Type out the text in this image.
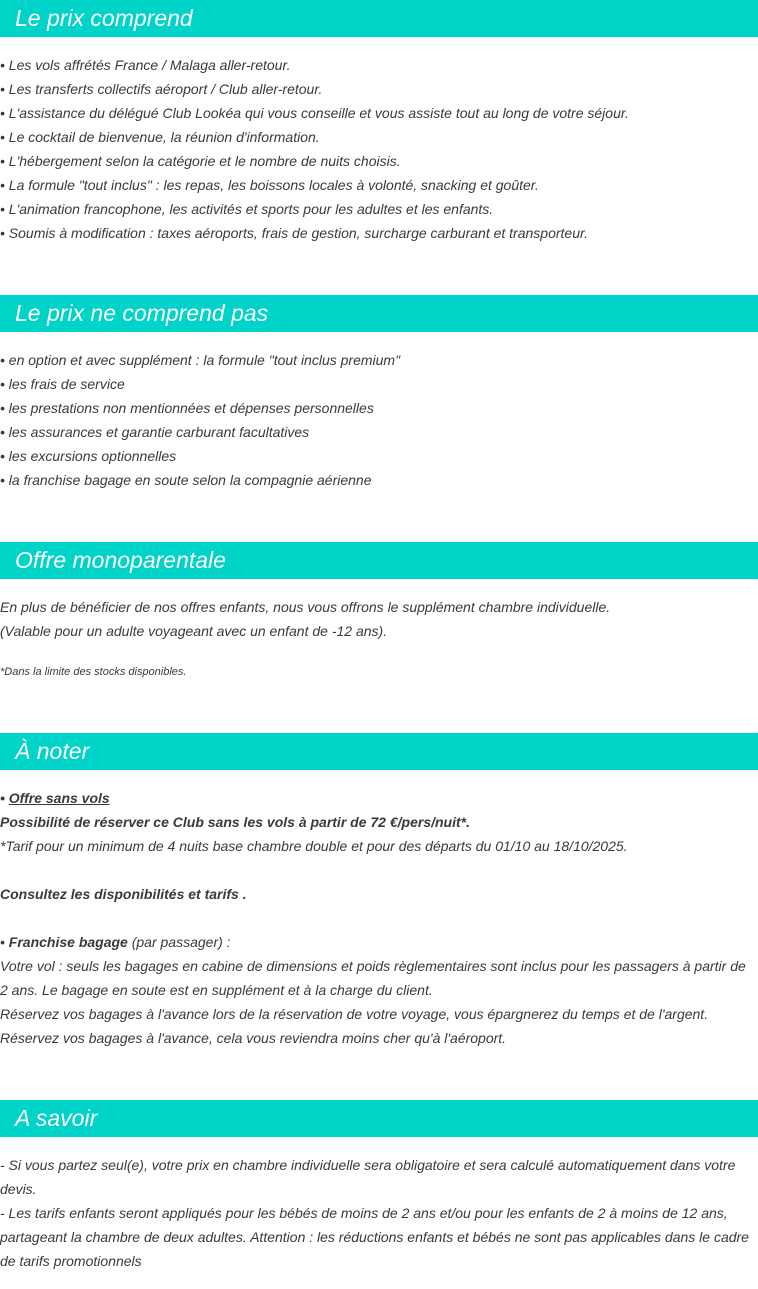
Le prix comprend

• Les vols affrétés France / Malaga aller-retour.

• Les transferts collectifs aéroport / Club aller-retour.

• L'assistance du délégué Club Lookéa qui vous conseille et vous assiste tout au long de votre séjour.

• Le cocktail de bienvenue, la réunion d'information.

• L'hébergement selon la catégorie et le nombre de nuits choisis.

• La formule "tout inclus" : les repas, les boissons locales à volonté, snacking et goûter.

• L'animation francophone, les activités et sports pour les adultes et les enfants.

• Soumis à modification : taxes aéroports, frais de gestion, surcharge carburant et transporteur.

Le prix ne comprend pas

• en option et avec supplément : la formule "tout inclus premium"

• les frais de service

• les prestations non mentionnées et dépenses personnelles

• les assurances et garantie carburant facultatives

• les excursions optionnelles

• la franchise bagage en soute selon la compagnie aérienne

Offre monoparentale

En plus de bénéficier de nos offres enfants, nous vous offrons le supplément chambre individuelle.

(Valable pour un adulte voyageant avec un enfant de -12 ans).

*Dans la limite des stocks disponibles.
À noter

• Offre sans vols

Possibilité de réserver ce Club sans les vols à partir de 72 €/pers/nuit*.

*Tarif pour un minimum de 4 nuits base chambre double et pour des départs du 01/10 au 18/10/2025.

Consultez les disponibilités et tarifs .

• Franchise bagage (par passager) :

Votre vol : seuls les bagages en cabine de dimensions et poids règlementaires sont inclus pour les passagers à partir de 2 ans. Le bagage en soute est en supplément et à la charge du client.

Réservez vos bagages à l'avance lors de la réservation de votre voyage, vous épargnerez du temps et de l'argent.

Réservez vos bagages à l'avance, cela vous reviendra moins cher qu'à l'aéroport.

A savoir

- Si vous partez seul(e), votre prix en chambre individuelle sera obligatoire et sera calculé automatiquement dans votre devis.

- Les tarifs enfants seront appliqués pour les bébés de moins de 2 ans et/ou pour les enfants de 2 à moins de 12 ans, partageant la chambre de deux adultes. Attention : les réductions enfants et bébés ne sont pas applicables dans le cadre de tarifs promotionnels
